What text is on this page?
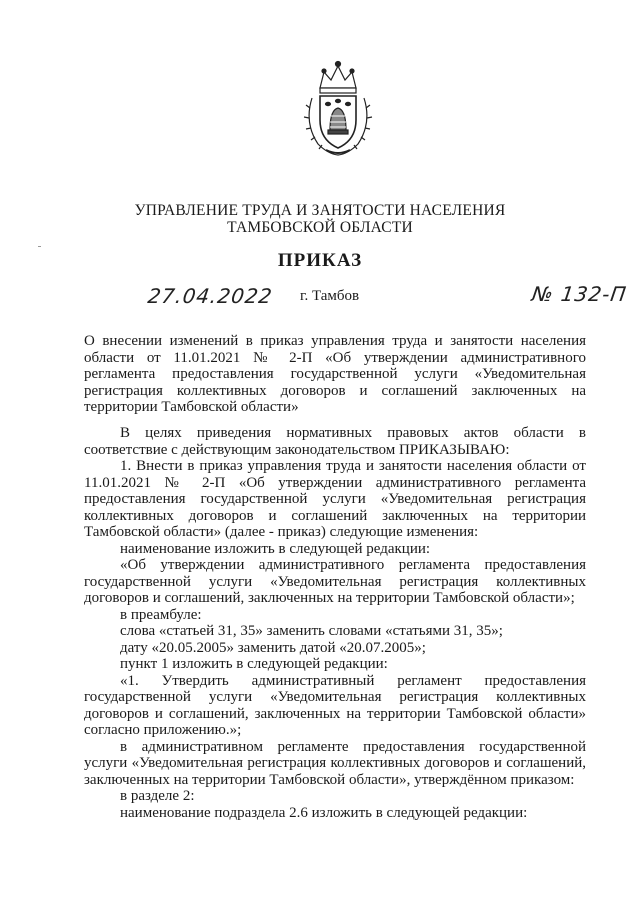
УПРАВЛЕНИЕ ТРУДА И ЗАНЯТОСТИ НАСЕЛЕНИЯ
ТАМБОВСКОЙ ОБЛАСТИ
ПРИКАЗ
27.04.2022 г. Тамбов	№ 132-П
О внесении изменений в приказ управления труда и занятости населения области от 11.01.2021 № 2-П «Об утверждении административного регламента предоставления государственной услуги «Уведомительная регистрация коллективных договоров и соглашений заключенных на территории Тамбовской области»

В целях приведения нормативных правовых актов области в соответствие с действующим законодательством ПРИКАЗЫВАЮ:

1. Внести в приказ управления труда и занятости населения области от 11.01.2021 № 2-П «Об утверждении административного регламента предоставления государственной услуги «Уведомительная регистрация коллективных договоров и соглашений заключенных на территории Тамбовской области» (далее - приказ) следующие изменения:

наименование изложить в следующей редакции:

«Об утверждении административного регламента предоставления государственной услуги «Уведомительная регистрация коллективных договоров и соглашений, заключенных на территории Тамбовской области»;

в преамбуле:

слова «статьей 31, 35» заменить словами «статьями 31, 35»;

дату «20.05.2005» заменить датой «20.07.2005»;

пункт 1 изложить в следующей редакции:

«1. Утвердить административный регламент предоставления государственной услуги «Уведомительная регистрация коллективных договоров и соглашений, заключенных на территории Тамбовской области» согласно приложению.»;

в административном регламенте предоставления государственной услуги «Уведомительная регистрация коллективных договоров и соглашений, заключенных на территории Тамбовской области», утверждённом приказом:

в разделе 2:

наименование подраздела 2.6 изложить в следующей редакции:
